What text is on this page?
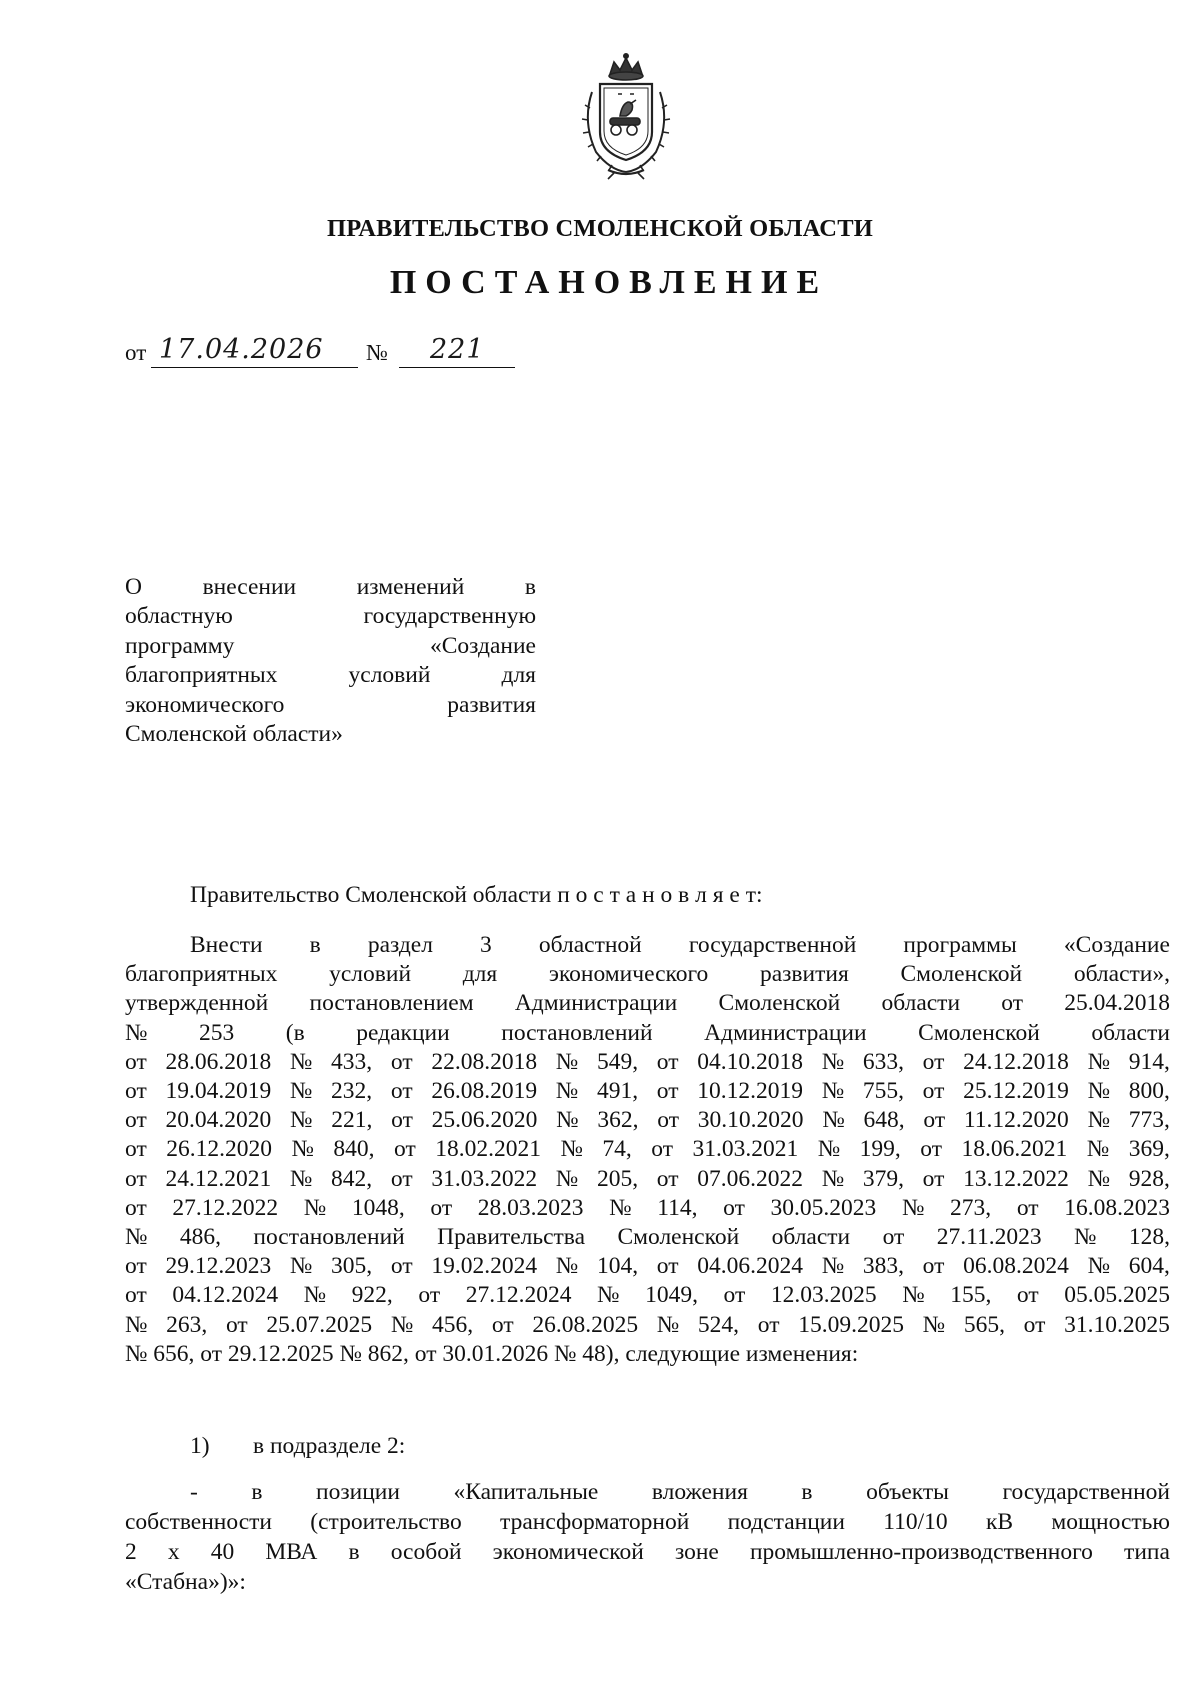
ПРАВИТЕЛЬСТВО СМОЛЕНСКОЙ ОБЛАСТИ
ПОСТАНОВЛЕНИЕ
от 17.04.2026 № 221
О	внесении	изменений	в
областную	государственную
программу	«Создание
благоприятных	условий	для
экономического	развития
Смоленской области»
Правительство Смоленской области п о с т а н о в л я е т:
Внести в раздел 3 областной государственной программы «Создание
благоприятных условий для экономического развития Смоленской области»,
утвержденной постановлением Администрации Смоленской области от 25.04.2018
№ 253 (в редакции постановлений Администрации Смоленской области
от 28.06.2018 № 433, от 22.08.2018 № 549, от 04.10.2018 № 633, от 24.12.2018 № 914,
от 19.04.2019 № 232, от 26.08.2019 № 491, от 10.12.2019 № 755, от 25.12.2019 № 800,
от 20.04.2020 № 221, от 25.06.2020 № 362, от 30.10.2020 № 648, от 11.12.2020 № 773,
от 26.12.2020 № 840, от 18.02.2021 № 74, от 31.03.2021 № 199, от 18.06.2021 № 369,
от 24.12.2021 № 842, от 31.03.2022 № 205, от 07.06.2022 № 379, от 13.12.2022 № 928,
от 27.12.2022 № 1048, от 28.03.2023 № 114, от 30.05.2023 № 273, от 16.08.2023
№ 486, постановлений Правительства Смоленской области от 27.11.2023 № 128,
от 29.12.2023 № 305, от 19.02.2024 № 104, от 04.06.2024 № 383, от 06.08.2024 № 604,
от 04.12.2024 № 922, от 27.12.2024 № 1049, от 12.03.2025 № 155, от 05.05.2025
№ 263, от 25.07.2025 № 456, от 26.08.2025 № 524, от 15.09.2025 № 565, от 31.10.2025
№ 656, от 29.12.2025 № 862, от 30.01.2026 № 48), следующие изменения:
1) в подразделе 2:
- в позиции «Капитальные вложения в объекты государственной
собственности (строительство трансформаторной подстанции 110/10 кВ мощностью
2 х 40 МВА в особой экономической зоне промышленно-производственного типа
«Стабна»)»:
